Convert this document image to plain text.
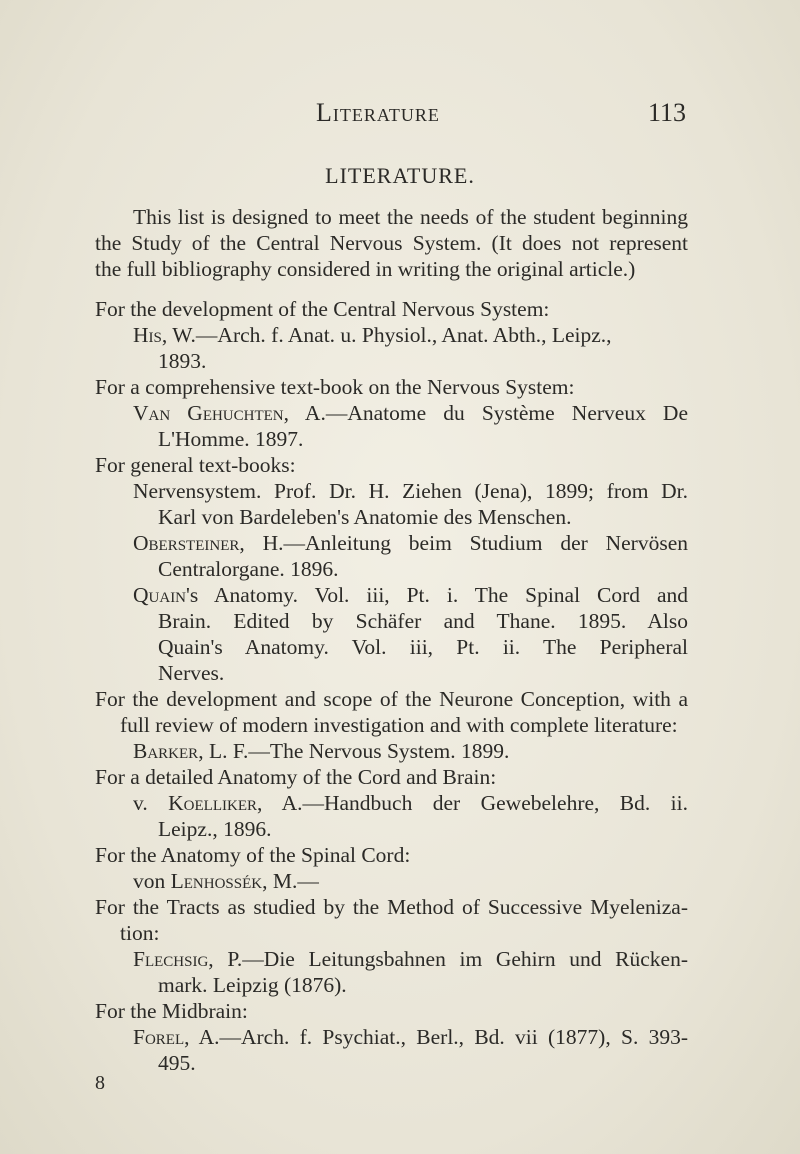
Literature	113
LITERATURE.
This list is designed to meet the needs of the student beginning
the Study of the Central Nervous System. (It does not represent
the full bibliography considered in writing the original article.)
For the development of the Central Nervous System:
His, W.—Arch. f. Anat. u. Physiol., Anat. Abth., Leipz.,
1893.
For a comprehensive text-book on the Nervous System:
Van Gehuchten, A.—Anatome du Système Nerveux De
L'Homme. 1897.
For general text-books:
Nervensystem. Prof. Dr. H. Ziehen (Jena), 1899; from Dr.
Karl von Bardeleben's Anatomie des Menschen.
Obersteiner, H.—Anleitung beim Studium der Nervösen
Centralorgane. 1896.
Quain's Anatomy. Vol. iii, Pt. i. The Spinal Cord and
Brain. Edited by Schäfer and Thane. 1895. Also
Quain's Anatomy. Vol. iii, Pt. ii. The Peripheral
Nerves.
For the development and scope of the Neurone Conception, with a
full review of modern investigation and with complete literature:
Barker, L. F.—The Nervous System. 1899.
For a detailed Anatomy of the Cord and Brain:
v. Koelliker, A.—Handbuch der Gewebelehre, Bd. ii.
Leipz., 1896.
For the Anatomy of the Spinal Cord:
von Lenhossék, M.—
For the Tracts as studied by the Method of Successive Myeleniza-
tion:
Flechsig, P.—Die Leitungsbahnen im Gehirn und Rücken-
mark. Leipzig (1876).
For the Midbrain:
Forel, A.—Arch. f. Psychiat., Berl., Bd. vii (1877), S. 393-
495.
8
